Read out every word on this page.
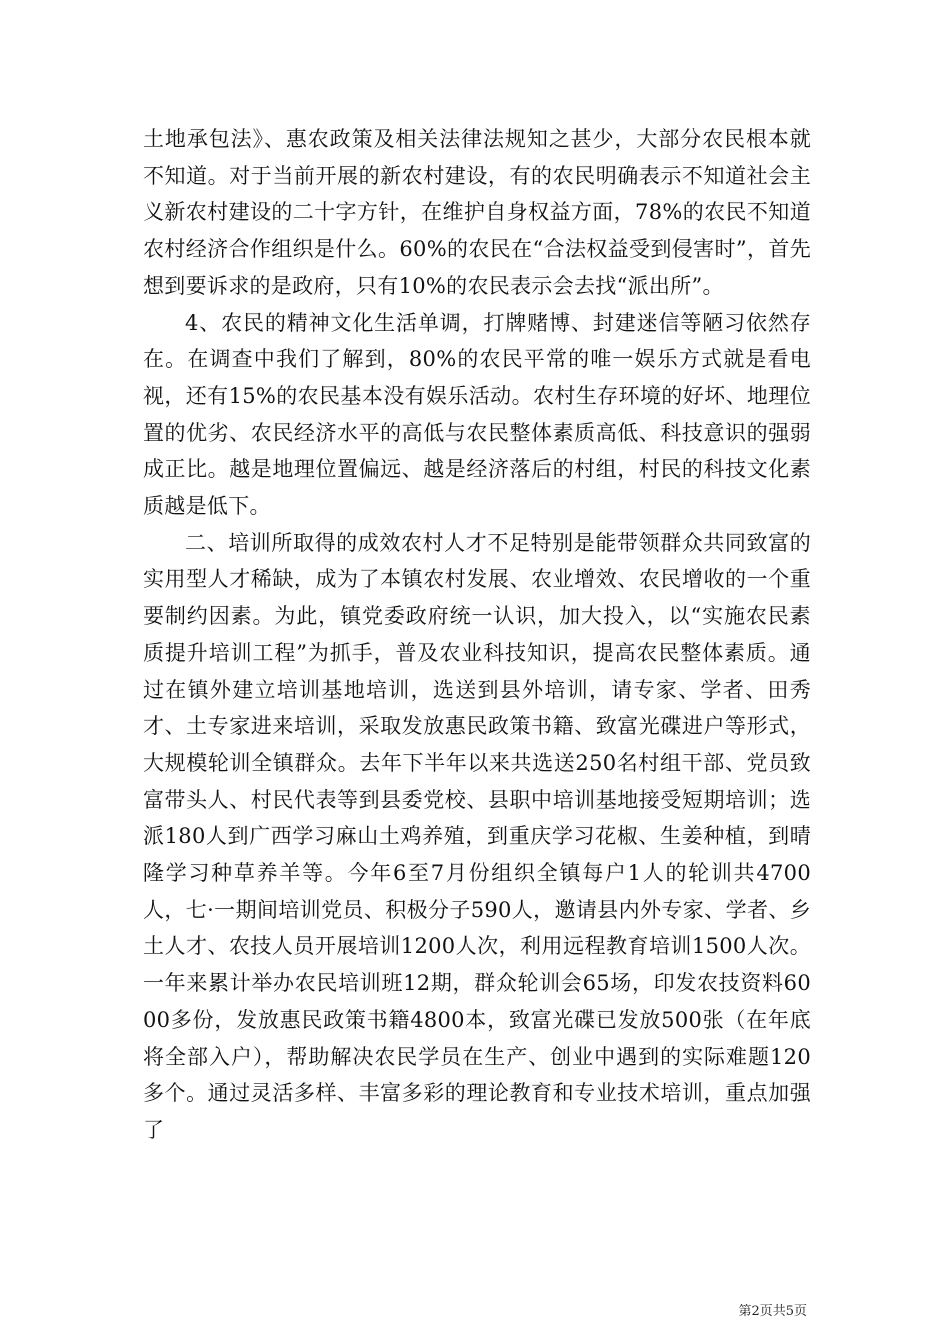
土地承包法》、惠农政策及相关法律法规知之甚少，大部分农民根本就不知道。对于当前开展的新农村建设，有的农民明确表示不知道社会主义新农村建设的二十字方针，在维护自身权益方面，78%的农民不知道农村经济合作组织是什么。60%的农民在“合法权益受到侵害时”，首先想到要诉求的是政府，只有10%的农民表示会去找“派出所”。

4、农民的精神文化生活单调，打牌赌博、封建迷信等陋习依然存在。在调查中我们了解到，80%的农民平常的唯一娱乐方式就是看电视，还有15%的农民基本没有娱乐活动。农村生存环境的好坏、地理位置的优劣、农民经济水平的高低与农民整体素质高低、科技意识的强弱成正比。越是地理位置偏远、越是经济落后的村组，村民的科技文化素质越是低下。

二、培训所取得的成效农村人才不足特别是能带领群众共同致富的实用型人才稀缺，成为了本镇农村发展、农业增效、农民增收的一个重要制约因素。为此，镇党委政府统一认识，加大投入，以“实施农民素质提升培训工程”为抓手，普及农业科技知识，提高农民整体素质。通过在镇外建立培训基地培训，选送到县外培训，请专家、学者、田秀才、土专家进来培训，采取发放惠民政策书籍、致富光碟进户等形式，大规模轮训全镇群众。去年下半年以来共选送250名村组干部、党员致富带头人、村民代表等到县委党校、县职中培训基地接受短期培训；选派180人到广西学习麻山土鸡养殖，到重庆学习花椒、生姜种植，到晴隆学习种草养羊等。今年6至7月份组织全镇每户1人的轮训共4700人，七·一期间培训党员、积极分子590人，邀请县内外专家、学者、乡土人才、农技人员开展培训1200人次，利用远程教育培训1500人次。一年来累计举办农民培训班12期，群众轮训会65场，印发农技资料6000多份，发放惠民政策书籍4800本，致富光碟已发放500张（在年底将全部入户），帮助解决农民学员在生产、创业中遇到的实际难题120多个。通过灵活多样、丰富多彩的理论教育和专业技术培训，重点加强了

第2页共5页
